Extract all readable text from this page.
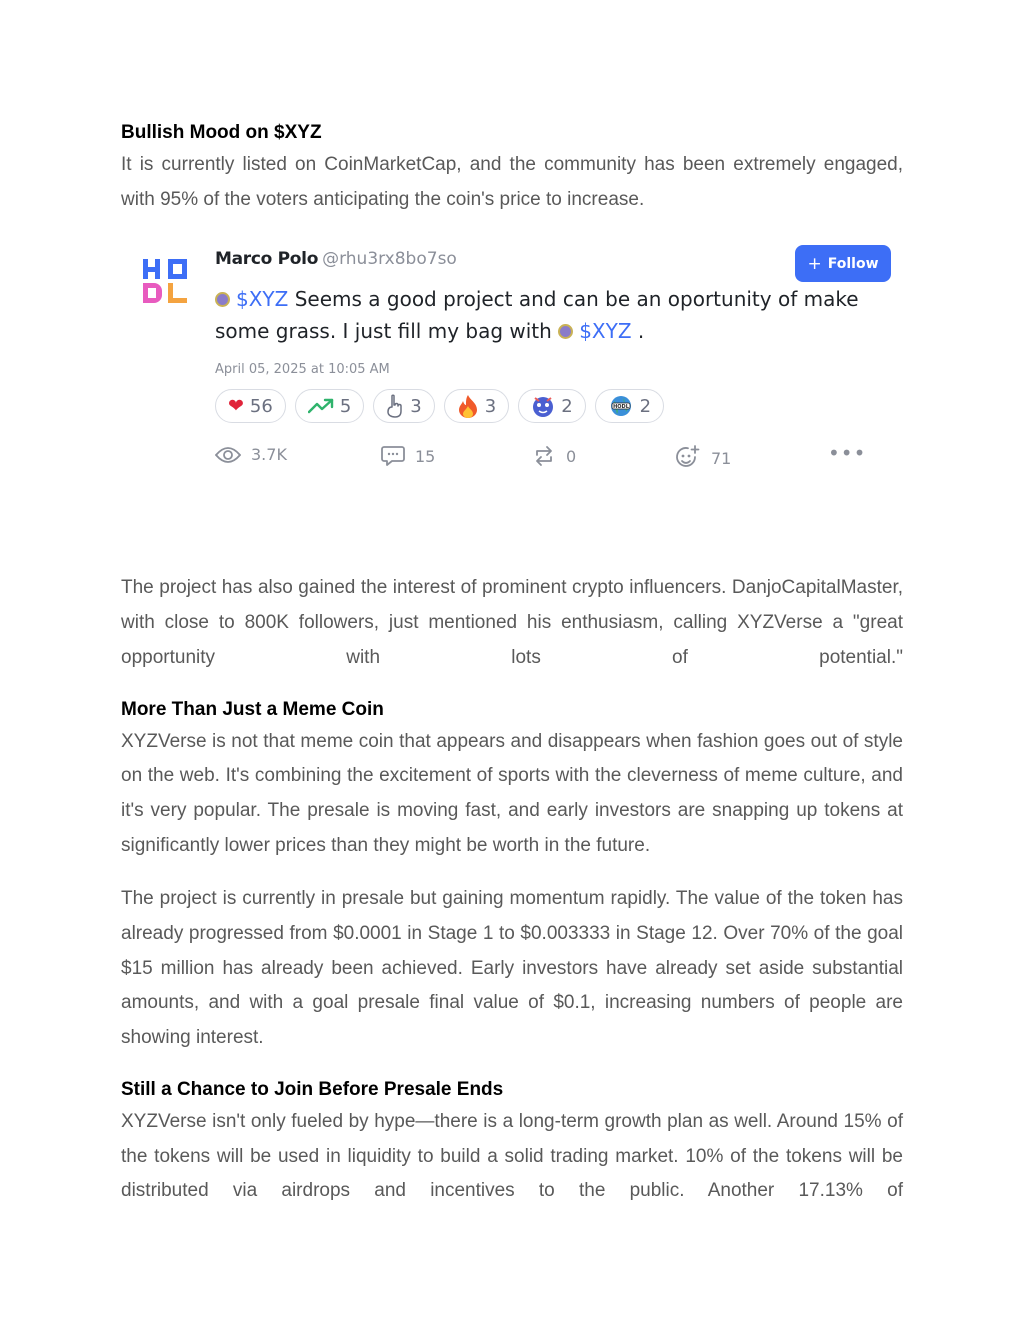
Bullish Mood on $XYZ

It is currently listed on CoinMarketCap, and the community has been extremely engaged, with 95% of the voters anticipating the coin's price to increase.

Marco Polo @rhu3rx8bo7so	+ Follow
$XYZ Seems a good project and can be an oportunity of make some grass. I just fill my bag with $XYZ .
April 05, 2025 at 10:05 AM
❤ 56	5	3	3	2	HODL 2
3.7K	15	0	71	•••

The project has also gained the interest of prominent crypto influencers. DanjoCapitalMaster, with close to 800K followers, just mentioned his enthusiasm, calling XYZVerse a "great opportunity with lots of potential."

More Than Just a Meme Coin

XYZVerse is not that meme coin that appears and disappears when fashion goes out of style on the web. It's combining the excitement of sports with the cleverness of meme culture, and it's very popular. The presale is moving fast, and early investors are snapping up tokens at significantly lower prices than they might be worth in the future.

The project is currently in presale but gaining momentum rapidly. The value of the token has already progressed from $0.0001 in Stage 1 to $0.003333 in Stage 12. Over 70% of the goal $15 million has already been achieved. Early investors have already set aside substantial amounts, and with a goal presale final value of $0.1, increasing numbers of people are showing interest.

Still a Chance to Join Before Presale Ends

XYZVerse isn't only fueled by hype—there is a long-term growth plan as well. Around 15% of the tokens will be used in liquidity to build a solid trading market. 10% of the tokens will be distributed via airdrops and incentives to the public. Another 17.13% of
